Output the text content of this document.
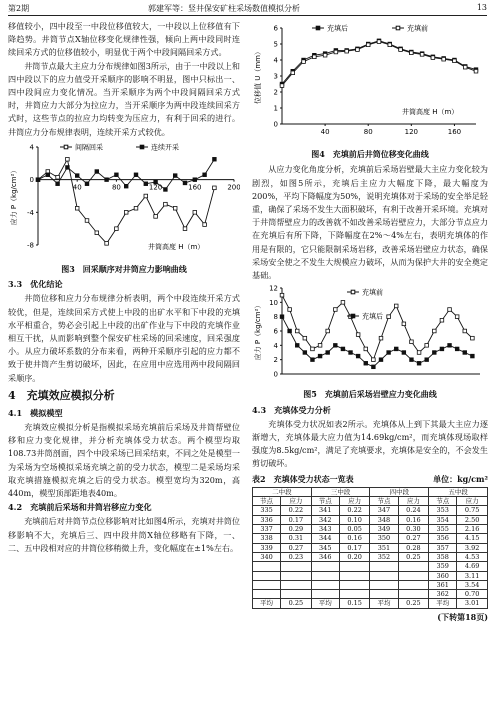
第2期	郭建军等：竖井保安矿柱采场数值模拟分析	13

移值较小，四中段至一中段位移值较大，一中段以上位移值有下降趋势。井筒节点X轴位移变化规律性强，倾向上两中段同时连续回采方式的位移值较小，明显优于两个中段间隔回采方式。

井筒节点最大主应力分布规律如图3所示，由于一中段以上和四中段以下的应力值受开采顺序的影响不明显，图中只标出一、四中段间应力变化情况。当开采顺序为两个中段间隔回采方式时，井筒应力大部分为拉应力，当开采顺序为两中段连续回采方式时，这些节点的拉应力均转变为压应力，有利于回采的进行。井筒应力分布规律表明，连续开采方式较优。

-8
-4
0
4
40	80	120	160	200
应力 P（kg/cm²）
井筒高度 H（m）
间隔回采	连续开采
图3　回采顺序对井筒应力影响曲线
3.3　优化结论

井筒位移和应力分布规律分析表明，两个中段连续开采方式较优，但是，连续回采方式使上中段的出矿水平和下中段的充填水平相重合，势必会引起上中段的出矿作业与下中段的充填作业相互干扰，从而影响到整个保安矿柱采场的回采速度，回采强度小。从应力破坏系数的分布来看，两种开采顺序引起的应力都不致于使井筒产生剪切破坏，因此，在应用中应选用两中段间隔回采顺序。

4　充填效应模拟分析
4.1　模拟模型

充填效应模拟分析是指模拟采场充填前后采场及井筒帮壁位移和应力变化规律，并分析充填体受力状态。两个模型均取108.73井筒剖面，四个中段采场已回采结束，不同之处是模型一为采场为空场模拟采场充填之前的受力状态，模型二是采场均采取充填措施模拟充填之后的受力状态。模型宽均为320m，高440m，模型顶部距地表40m。

4.2　充填前后采场和井筒岩移应力变化

充填前后对井筒节点位移影响对比如图4所示，充填对井筒位移影响不大，充填后三、四中段井筒X轴位移略有下降，一、二、五中段相对应的井筒位移稍微上升，变化幅度在±1%左右。

0
1
2
3
4
5
6
40	80	120	160
位移值 U（mm）
井筒高度 H（m）
充填后	充填前
图4　充填前后井筒位移变化曲线

从应力变化角度分析，充填前后采场岩壁最大主应力变化较为剧烈，如图5所示，充填后主应力大幅度下降，最大幅度为200%，平均下降幅度为50%，说明充填体对于采场的安全举足轻重，确保了采场不发生大面积破坏，有利于改善开采环境。充填对于井筒帮壁应力的改善就不如改善采场岩壁应力，大部分节点应力在充填后有所下降，下降幅度在2%～4%左右，表明充填体的作用是有限的，它只能限制采场岩移，改善采场岩壁应力状态，确保采场安全使之不发生大规模应力破坏，从而为保护大井的安全奠定基础。

0
2
4
6
8
10
12
应力 P（kg/cm²）
充填前
充填后
图5　充填前后采场岩壁应力变化曲线
4.3　充填体受力分析

充填体受力状况如表2所示。充填体从上到下其最大主应力逐渐增大，充填体最大应力值为14.69kg/cm²，而充填体现场取样强度为8.5kg/cm²，满足了充填要求，充填体是安全的，不会发生剪切破坏。

表2　充填体受力状态一览表	单位：kg/cm²
二中段		三中段		四中段		五中段	
节点	应力	节点	应力	节点	应力	节点	应力
335	0.22	341	0.22	347	0.24	353	0.75
336	0.17	342	0.10	348	0.16	354	2.50
337	0.29	343	0.05	349	0.30	355	2.16
338	0.31	344	0.16	350	0.27	356	4.15
339	0.27	345	0.17	351	0.28	357	3.92
340	0.23	346	0.20	352	0.25	358	4.53
						359	4.69
						360	3.11
						361	3.54
						362	0.70
平均	0.25	平均	0.15	平均	0.25	平均	3.01
(下转第18页)
